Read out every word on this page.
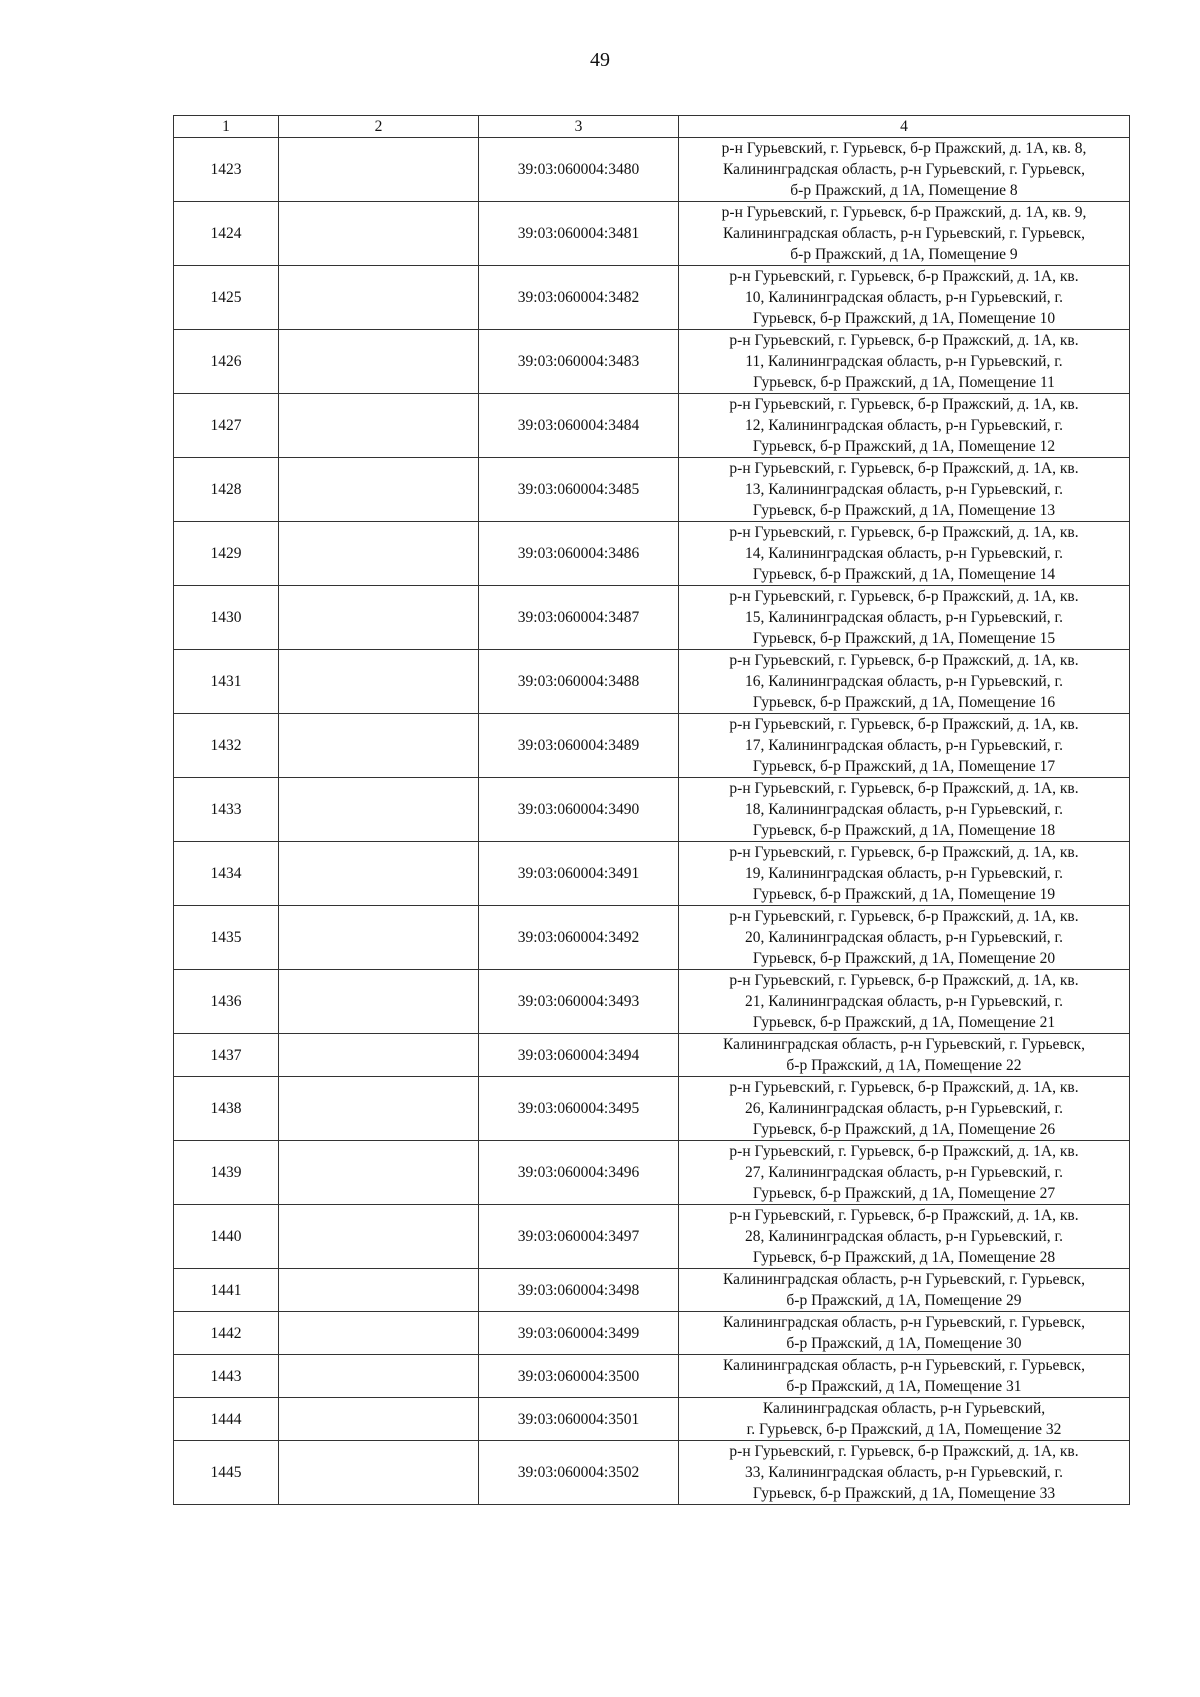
49
1	2	3	4
1423		39:03:060004:3480	р-н Гурьевский, г. Гурьевск, б-р Пражский, д. 1А, кв. 8,
Калининградская область, р-н Гурьевский, г. Гурьевск,
б-р Пражский, д 1А, Помещение 8

1424		39:03:060004:3481	р-н Гурьевский, г. Гурьевск, б-р Пражский, д. 1А, кв. 9,
Калининградская область, р-н Гурьевский, г. Гурьевск,
б-р Пражский, д 1А, Помещение 9

1425		39:03:060004:3482	р-н Гурьевский, г. Гурьевск, б-р Пражский, д. 1А, кв.
10, Калининградская область, р-н Гурьевский, г.
Гурьевск, б-р Пражский, д 1А, Помещение 10

1426		39:03:060004:3483	р-н Гурьевский, г. Гурьевск, б-р Пражский, д. 1А, кв.
11, Калининградская область, р-н Гурьевский, г.
Гурьевск, б-р Пражский, д 1А, Помещение 11

1427		39:03:060004:3484	р-н Гурьевский, г. Гурьевск, б-р Пражский, д. 1А, кв.
12, Калининградская область, р-н Гурьевский, г.
Гурьевск, б-р Пражский, д 1А, Помещение 12

1428		39:03:060004:3485	р-н Гурьевский, г. Гурьевск, б-р Пражский, д. 1А, кв.
13, Калининградская область, р-н Гурьевский, г.
Гурьевск, б-р Пражский, д 1А, Помещение 13

1429		39:03:060004:3486	р-н Гурьевский, г. Гурьевск, б-р Пражский, д. 1А, кв.
14, Калининградская область, р-н Гурьевский, г.
Гурьевск, б-р Пражский, д 1А, Помещение 14

1430		39:03:060004:3487	р-н Гурьевский, г. Гурьевск, б-р Пражский, д. 1А, кв.
15, Калининградская область, р-н Гурьевский, г.
Гурьевск, б-р Пражский, д 1А, Помещение 15

1431		39:03:060004:3488	р-н Гурьевский, г. Гурьевск, б-р Пражский, д. 1А, кв.
16, Калининградская область, р-н Гурьевский, г.
Гурьевск, б-р Пражский, д 1А, Помещение 16

1432		39:03:060004:3489	р-н Гурьевский, г. Гурьевск, б-р Пражский, д. 1А, кв.
17, Калининградская область, р-н Гурьевский, г.
Гурьевск, б-р Пражский, д 1А, Помещение 17

1433		39:03:060004:3490	р-н Гурьевский, г. Гурьевск, б-р Пражский, д. 1А, кв.
18, Калининградская область, р-н Гурьевский, г.
Гурьевск, б-р Пражский, д 1А, Помещение 18

1434		39:03:060004:3491	р-н Гурьевский, г. Гурьевск, б-р Пражский, д. 1А, кв.
19, Калининградская область, р-н Гурьевский, г.
Гурьевск, б-р Пражский, д 1А, Помещение 19

1435		39:03:060004:3492	р-н Гурьевский, г. Гурьевск, б-р Пражский, д. 1А, кв.
20, Калининградская область, р-н Гурьевский, г.
Гурьевск, б-р Пражский, д 1А, Помещение 20

1436		39:03:060004:3493	р-н Гурьевский, г. Гурьевск, б-р Пражский, д. 1А, кв.
21, Калининградская область, р-н Гурьевский, г.
Гурьевск, б-р Пражский, д 1А, Помещение 21

1437		39:03:060004:3494	Калининградская область, р-н Гурьевский, г. Гурьевск,
б-р Пражский, д 1А, Помещение 22

1438		39:03:060004:3495	р-н Гурьевский, г. Гурьевск, б-р Пражский, д. 1А, кв.
26, Калининградская область, р-н Гурьевский, г.
Гурьевск, б-р Пражский, д 1А, Помещение 26

1439		39:03:060004:3496	р-н Гурьевский, г. Гурьевск, б-р Пражский, д. 1А, кв.
27, Калининградская область, р-н Гурьевский, г.
Гурьевск, б-р Пражский, д 1А, Помещение 27

1440		39:03:060004:3497	р-н Гурьевский, г. Гурьевск, б-р Пражский, д. 1А, кв.
28, Калининградская область, р-н Гурьевский, г.
Гурьевск, б-р Пражский, д 1А, Помещение 28

1441		39:03:060004:3498	Калининградская область, р-н Гурьевский, г. Гурьевск,
б-р Пражский, д 1А, Помещение 29

1442		39:03:060004:3499	Калининградская область, р-н Гурьевский, г. Гурьевск,
б-р Пражский, д 1А, Помещение 30

1443		39:03:060004:3500	Калининградская область, р-н Гурьевский, г. Гурьевск,
б-р Пражский, д 1А, Помещение 31

1444		39:03:060004:3501	Калининградская область, р-н Гурьевский,
г. Гурьевск, б-р Пражский, д 1А, Помещение 32

1445		39:03:060004:3502	р-н Гурьевский, г. Гурьевск, б-р Пражский, д. 1А, кв.
33, Калининградская область, р-н Гурьевский, г.
Гурьевск, б-р Пражский, д 1А, Помещение 33
